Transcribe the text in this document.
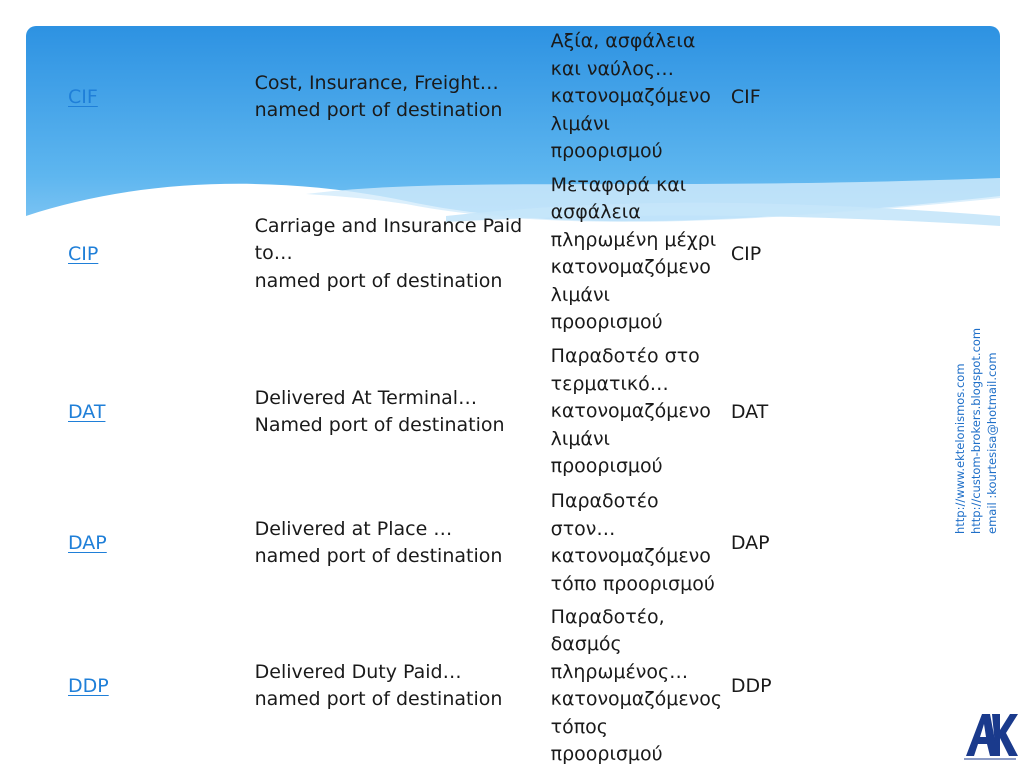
CIF
Cost, Insurance, Freight…
named port of destination
Αξία, ασφάλεια
και ναύλος…
κατονομαζόμενο
λιμάνι
προορισμού
CIF
CIP
Carriage and Insurance Paid
to…
named port of destination
Μεταφορά και
ασφάλεια
πληρωμένη μέχρι
κατονομαζόμενο
λιμάνι
προορισμού
CIP
DAT
Delivered At Terminal…
Named port of destination
Παραδοτέο στο
τερματικό…
κατονομαζόμενο
λιμάνι
προορισμού
DAT
DAP
Delivered at Place …
named port of destination
Παραδοτέο
στον…
κατονομαζόμενο
τόπο προορισμού
DAP
DDP
Delivered Duty Paid…
named port of destination
Παραδοτέο,
δασμός
πληρωμένος…
κατονομαζόμενος
τόπος
προορισμού
DDP
http://www.ektelonismos.com http://custom-brokers.blogspot.com email :kourtesisa@hotmail.com
